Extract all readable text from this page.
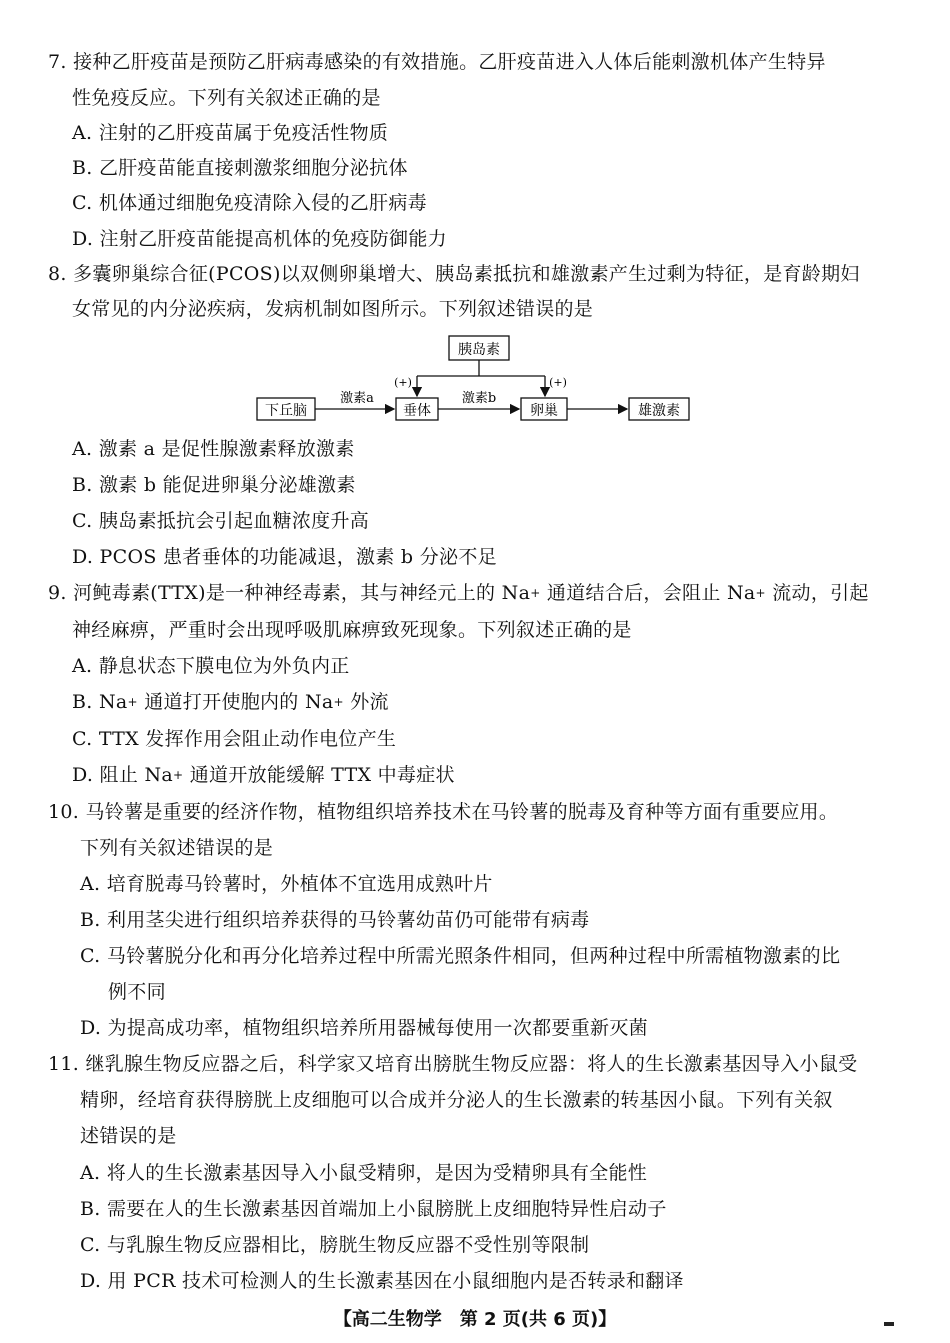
7. 接种乙肝疫苗是预防乙肝病毒感染的有效措施。乙肝疫苗进入人体后能刺激机体产生特异
性免疫反应。下列有关叙述正确的是
A. 注射的乙肝疫苗属于免疫活性物质
B. 乙肝疫苗能直接刺激浆细胞分泌抗体
C. 机体通过细胞免疫清除入侵的乙肝病毒
D. 注射乙肝疫苗能提高机体的免疫防御能力
8. 多囊卵巢综合征(PCOS)以双侧卵巢增大、胰岛素抵抗和雄激素产生过剩为特征，是育龄期妇
女常见的内分泌疾病，发病机制如图所示。下列叙述错误的是
胰岛素
(+)	(+)
下丘脑
激素a
垂体
激素b
卵巢	雄激素
A. 激素 a 是促性腺激素释放激素
B. 激素 b 能促进卵巢分泌雄激素
C. 胰岛素抵抗会引起血糖浓度升高
D. PCOS 患者垂体的功能减退，激素 b 分泌不足
9. 河鲀毒素(TTX)是一种神经毒素，其与神经元上的 Na+ 通道结合后，会阻止 Na+ 流动，引起
神经麻痹，严重时会出现呼吸肌麻痹致死现象。下列叙述正确的是
A. 静息状态下膜电位为外负内正
B. Na+ 通道打开使胞内的 Na+ 外流
C. TTX 发挥作用会阻止动作电位产生
D. 阻止 Na+ 通道开放能缓解 TTX 中毒症状
10. 马铃薯是重要的经济作物，植物组织培养技术在马铃薯的脱毒及育种等方面有重要应用。
下列有关叙述错误的是
A. 培育脱毒马铃薯时，外植体不宜选用成熟叶片
B. 利用茎尖进行组织培养获得的马铃薯幼苗仍可能带有病毒
C. 马铃薯脱分化和再分化培养过程中所需光照条件相同，但两种过程中所需植物激素的比
例不同
D. 为提高成功率，植物组织培养所用器械每使用一次都要重新灭菌
11. 继乳腺生物反应器之后，科学家又培育出膀胱生物反应器：将人的生长激素基因导入小鼠受
精卵，经培育获得膀胱上皮细胞可以合成并分泌人的生长激素的转基因小鼠。下列有关叙
述错误的是
A. 将人的生长激素基因导入小鼠受精卵，是因为受精卵具有全能性
B. 需要在人的生长激素基因首端加上小鼠膀胱上皮细胞特异性启动子
C. 与乳腺生物反应器相比，膀胱生物反应器不受性别等限制
D. 用 PCR 技术可检测人的生长激素基因在小鼠细胞内是否转录和翻译
【高二生物学　第 2 页(共 6 页)】
